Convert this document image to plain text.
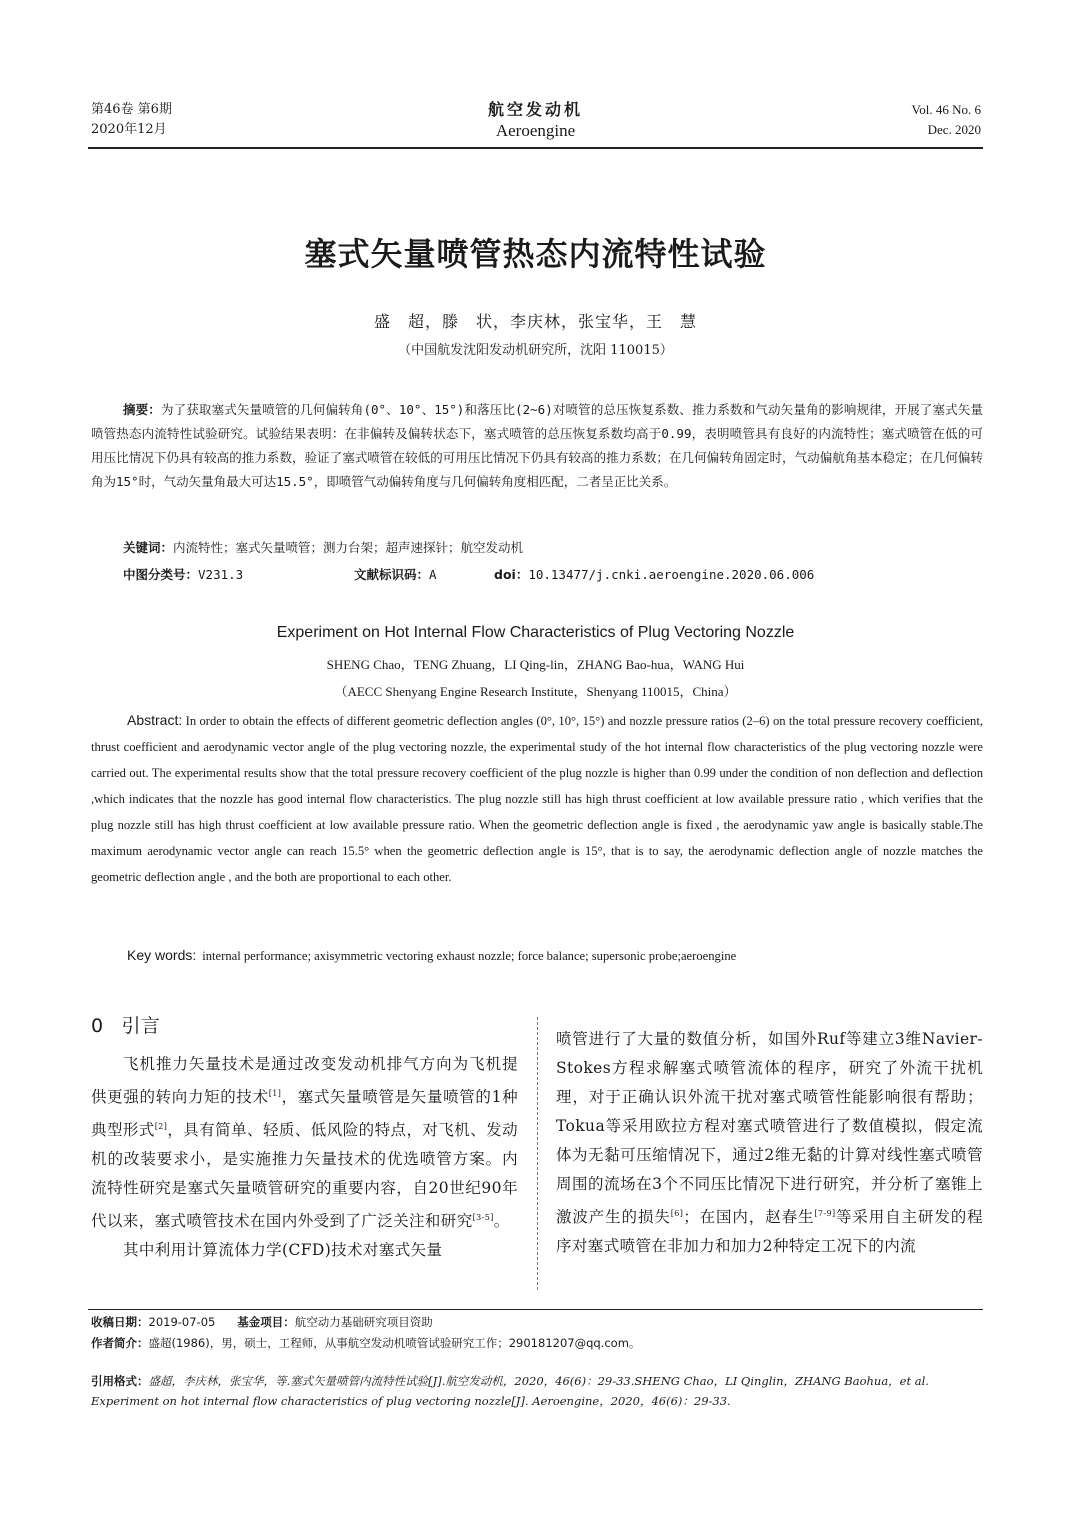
第46卷 第6期
2020年12月
航空发动机
Aeroengine
Vol. 46 No. 6
Dec. 2020
塞式矢量喷管热态内流特性试验
盛　超，滕　状，李庆林，张宝华，王　慧
（中国航发沈阳发动机研究所，沈阳 110015）
摘要：为了获取塞式矢量喷管的几何偏转角(0°、10°、15°)和落压比(2~6)对喷管的总压恢复系数、推力系数和气动矢量角的影响规律，开展了塞式矢量喷管热态内流特性试验研究。试验结果表明：在非偏转及偏转状态下，塞式喷管的总压恢复系数均高于0.99，表明喷管具有良好的内流特性；塞式喷管在低的可用压比情况下仍具有较高的推力系数，验证了塞式喷管在较低的可用压比情况下仍具有较高的推力系数；在几何偏转角固定时，气动偏航角基本稳定；在几何偏转角为15°时，气动矢量角最大可达15.5°，即喷管气动偏转角度与几何偏转角度相匹配，二者呈正比关系。
关键词：内流特性；塞式矢量喷管；测力台架；超声速探针；航空发动机
中图分类号：V231.3	文献标识码：A	doi：10.13477/j.cnki.aeroengine.2020.06.006
Experiment on Hot Internal Flow Characteristics of Plug Vectoring Nozzle
SHENG Chao，TENG Zhuang，LI Qing-lin，ZHANG Bao-hua，WANG Hui
（AECC Shenyang Engine Research Institute，Shenyang 110015，China）
Abstract: In order to obtain the effects of different geometric deflection angles (0°, 10°, 15°) and nozzle pressure ratios (2–6) on the total pressure recovery coefficient, thrust coefficient and aerodynamic vector angle of the plug vectoring nozzle, the experimental study of the hot internal flow characteristics of the plug vectoring nozzle were carried out. The experimental results show that the total pressure recovery coefficient of the plug nozzle is higher than 0.99 under the condition of non deflection and deflection ,which indicates that the nozzle has good internal flow characteristics. The plug nozzle still has high thrust coefficient at low available pressure ratio , which verifies that the plug nozzle still has high thrust coefficient at low available pressure ratio. When the geometric deflection angle is fixed , the aerodynamic yaw angle is basically stable.The maximum aerodynamic vector angle can reach 15.5° when the geometric deflection angle is 15°, that is to say, the aerodynamic deflection angle of nozzle matches the geometric deflection angle , and the both are proportional to each other.
Key words: internal performance; axisymmetric vectoring exhaust nozzle; force balance; supersonic probe;aeroengine
0 引言

飞机推力矢量技术是通过改变发动机排气方向为飞机提供更强的转向力矩的技术[1]，塞式矢量喷管是矢量喷管的1种典型形式[2]，具有简单、轻质、低风险的特点，对飞机、发动机的改装要求小，是实施推力矢量技术的优选喷管方案。内流特性研究是塞式矢量喷管研究的重要内容，自20世纪90年代以来，塞式喷管技术在国内外受到了广泛关注和研究[3-5]。

其中利用计算流体力学(CFD)技术对塞式矢量

喷管进行了大量的数值分析，如国外Ruf等建立3维Navier-Stokes方程求解塞式喷管流体的程序，研究了外流干扰机理，对于正确认识外流干扰对塞式喷管性能影响很有帮助；Tokua等采用欧拉方程对塞式喷管进行了数值模拟，假定流体为无黏可压缩情况下，通过2维无黏的计算对线性塞式喷管周围的流场在3个不同压比情况下进行研究，并分析了塞锥上激波产生的损失[6]；在国内，赵春生[7-9]等采用自主研发的程序对塞式喷管在非加力和加力2种特定工况下的内流

收稿日期：2019-07-05 基金项目：航空动力基础研究项目资助
作者简介：盛超(1986)，男，硕士，工程师，从事航空发动机喷管试验研究工作；290181207@qq.com。
引用格式：盛超，李庆林，张宝华，等.塞式矢量喷管内流特性试验[J].航空发动机，2020，46(6)：29-33.SHENG Chao，LI Qinglin，ZHANG Baohua，et al. Experiment on hot internal flow characteristics of plug vectoring nozzle[J]. Aeroengine，2020，46(6)：29-33.
